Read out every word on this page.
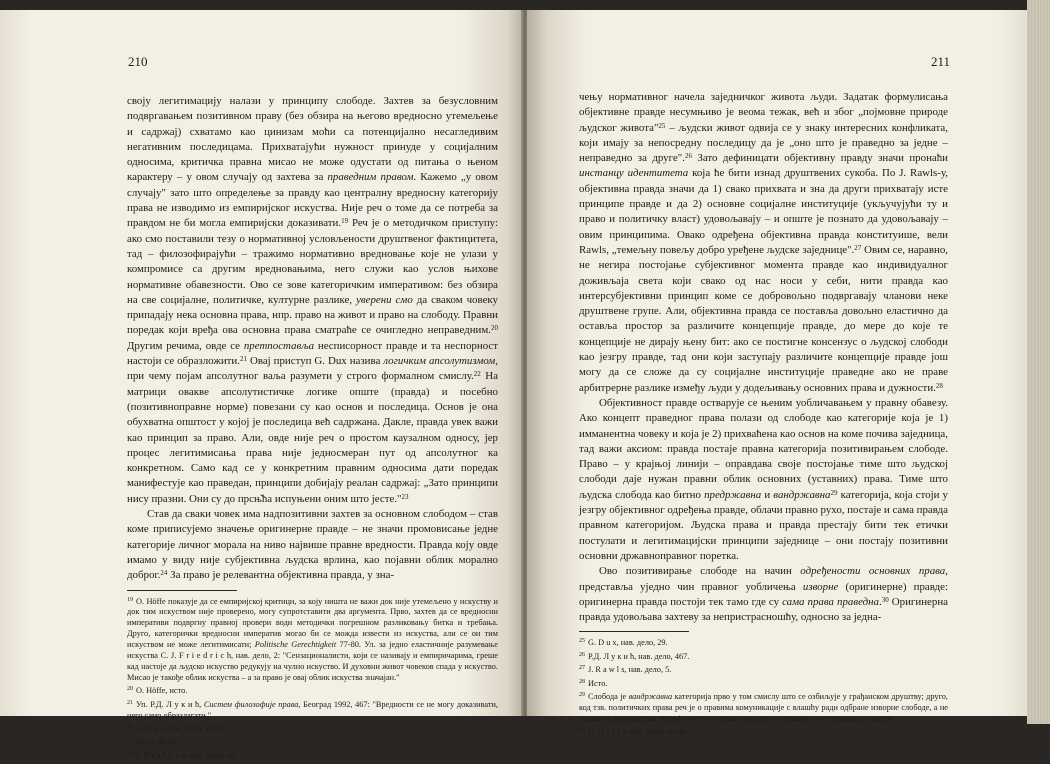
210

своју легитимацију налази у принципу слободе. Захтев за безусловним подвргавањем позитивном праву (без обзира на његово вредносно утемељење и садржај) схватамо као цинизам моћи са потенцијално несагледивим негативним последицама. Прихватајући нужност принуде у социјалним односима, критичка правна мисао не може одустати од питања о њеном карактеру – у овом случају од захтева за праведним правом. Кажемо „у овом случају" зато што определење за правду као централну вредносну категорију права не изводимо из емпиријског искуства. Није реч о томе да се потреба за правдом не би могла емпиријски доказивати.$^{19}$ Реч је о методичком приступу: ако смо поставили тезу о нормативној условљености друштвеног фактицитета, тад – филозофирајући – тражимо нормативно вредновање које не улази у компромисе са другим вредновањима, него служи као услов њихове нормативне обавезности. Ово се зове категоричким императивом: без обзира на све социјалне, политичке, културне разлике, уверени смо да сваком човеку припадају нека основна права, нпр. право на живот и право на слободу. Правни поредак који вређа ова основна права сматраће се очигледно неправедним.$^{20}$ Другим речима, овде се претпоставља несписорност правде и та неспорност настоји се образложити.$^{21}$ Овај приступ G. Dux назива логичким апсолутизмом, при чему појам апсолутног ваља разумети у строго формалном смислу.$^{22}$ На матрици овакве апсолутистичке логике опште (правда) и посебно (позитивноправне норме) повезани су као основ и последица. Основ је она обухватна општост у којој је последица већ садржана. Дакле, правда увек важи као принцип за право. Али, овде није реч о простом каузалном односу, јер процес легитимисања права није једносмеран пут од апсолутног ка конкретном. Само кад се у конкретним правним односима дати поредак манифестује као праведан, принципи добијају реалан садржај: „Зато принципи нису празни. Они су до прсњ̌ћа испуњени оним што јесте."$^{23}$

Став да сваки човек има надпозитивни захтев за основном слободом – став коме приписујемо значење оригинерне правде – не значи промовисање једне категорије личног морала на ниво највише правне вредности. Правда коју овде имамо у виду није субјективна људска врлина, као појавни облик морално доброг.$^{24}$ За право је релевантна објективна правда, у зна-

19 O. Höffe показује да се емпиријској критици, за коју ништа не важи док није утемељено у искуству и док тим искуством није проверено, могу супротставити два аргумента. Прво, захтев да се вредносни императиви подвргну правној провери води методички погрешном разликовању битка и требања. Друго, категорички вредносни императив могао би се можда извести из искуства, али се он тим искуством не може легитимисати; Politische Gerechtigkeit 77-80. Ул. за једно еластичније разумевање искуства C. J. F r i e d r i c h, нав. дело, 2: "Сензационалисти, који се називају и емпиричарима, греше кад настоје да људско искуство редукују на чулно искуство. И духовни живот човеков спада у искуство. Мисао је такође облик искуства – а за право је овај облик искуства значајан."
20 O. Höffe, исто.
21 Уп. Р.Д. Л у к и ћ, Систем филозофије права, Београд 1992, 467: "Вредности се не могу доказивати, него само образлагати."
22 G. D u x, нав. дело, 22-23.
23 Исто, 36-37.
24 Г. Р а д б р у х, нав. дело, 45.
211

чењу нормативног начела заједничког живота људи. Задатак формулисања објективне правде несумњиво је веома тежак, већ и због „појмовне природе људског живота"$^{25}$ – људски живот одвија се у знаку интересних конфликата, који имају за непосредну последицу да је „оно што је праведно за једне – неправедно за друге".$^{26}$ Зато дефиницати објективну правду значи пронаћи инстанцу идентитета која ће бити изнад друштвених сукоба. По J. Rawls-у, објективна правда значи да 1) свако прихвата и зна да други прихватају исте принципе правде и да 2) основне социјалне институције (укључујући ту и право и политичку власт) удовољавају – и опште је познато да удовољавају – овим принципима. Овако одређена објективна правда конституише, вели Rawls, „темељну повељу добро уређене људске заједнице".$^{27}$ Овим се, наравно, не негира постојање субјективног момента правде као индивидуалног доживљаја света који свако од нас носи у себи, нити правда као интерсубјективни принцип коме се добровољно подвргавају чланови неке друштвене групе. Али, објективна правда се поставља довољно еластично да оставља простор за различите концепције правде, до мере до које те концепције не дирају њену бит: ако се постигне консензус о људској слободи као језгру правде, тад они који заступају различите концепције правде још могу да се сложе да су социјалне институције праведне ако не праве арбитрерне разлике између људи у додељивању основних права и дужности.$^{28}$

Објективност правде остварује се њеним уобличавањем у правну обавезу. Ако концепт праведног права полази од слободе као категорије која је 1) имманентна човеку и која је 2) прихваћена као основ на коме почива заједница, тад важи аксиом: правда постаје правна категорија позитивирањем слободе. Право – у крајњој линији – оправдава своје постојање тиме што људској слободи даје нужан правни облик основних (уставних) права. Тиме што људска слобода као битно предржавна и вандржавна$^{29}$ категорија, која стоји у језгру објективног одређења правде, облачи правно рухо, постаје и сама правда правном категоријом. Људска права и правда престају бити тек етички постулати и легитимацијски принципи заједнице – они постају позитивни основни државноправног поретка.

Ово позитивирање слободе на начин одређености основних права, представља уједно чин правног уобличења изворне (оригинерне) правде: оригинерна правда постоји тек тамо где су сама права праведна.$^{30}$ Оригинерна правда удовољава захтеву за непристрасношћу, односно за једна-

25 G. D u x, нав. дело, 29.
26 Р.Д. Л у к и ћ, нав. дело, 467.
27 J. R a w l s, нав. дело, 5.
28 Исто.
29 Слобода је вандржавна категорија прво у том смислу што се озбиљује у грађанском друштву; друго, код тзв. политичких права реч је о правима комуникације с влашћу ради одбране изворне слободе, а не – како то демократска теорија често погрешно разуме – о правима учествовања у власти.
30 O. H ö f f e, нав. дело, 45-46.
